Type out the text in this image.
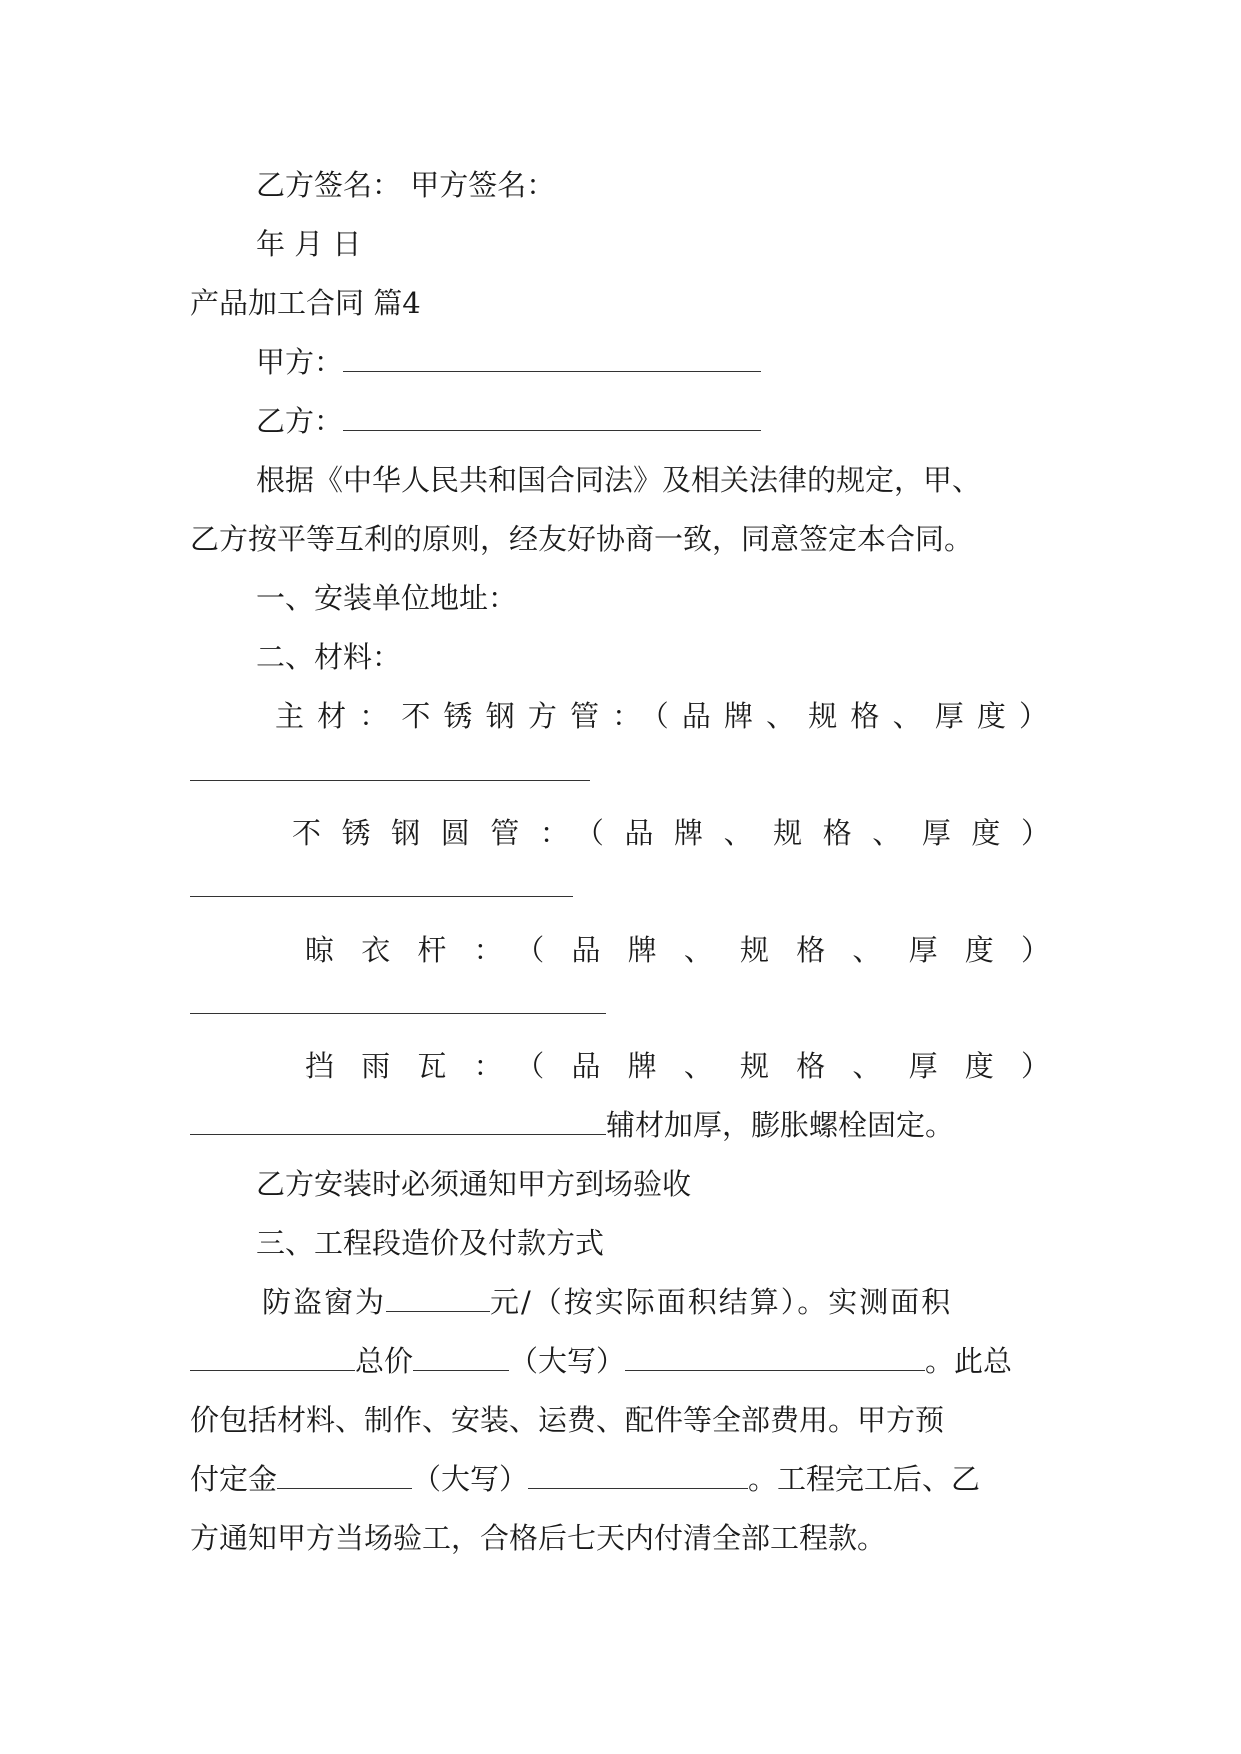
乙方签名： 甲方签名：
年 月 日
产品加工合同 篇4
甲方：
乙方：
根据《中华人民共和国合同法》及相关法律的规定，甲、
乙方按平等互利的原则，经友好协商一致，同意签定本合同。
一、安装单位地址：
二、材料：
主材：不锈钢方管：（品牌、规格、厚度）
不锈钢圆管：（品牌、规格、厚度）
晾衣杆：（品牌、规格、厚度）
挡雨瓦：（品牌、规格、厚度）
辅材加厚，膨胀螺栓固定。
乙方安装时必须通知甲方到场验收
三、工程段造价及付款方式
防盗窗为	元/（按实际面积结算）。实测面积
总价	（大写）	。此总
价包括材料、制作、安装、运费、配件等全部费用。甲方预
付定金	（大写）	。工程完工后、乙
方通知甲方当场验工，合格后七天内付清全部工程款。
